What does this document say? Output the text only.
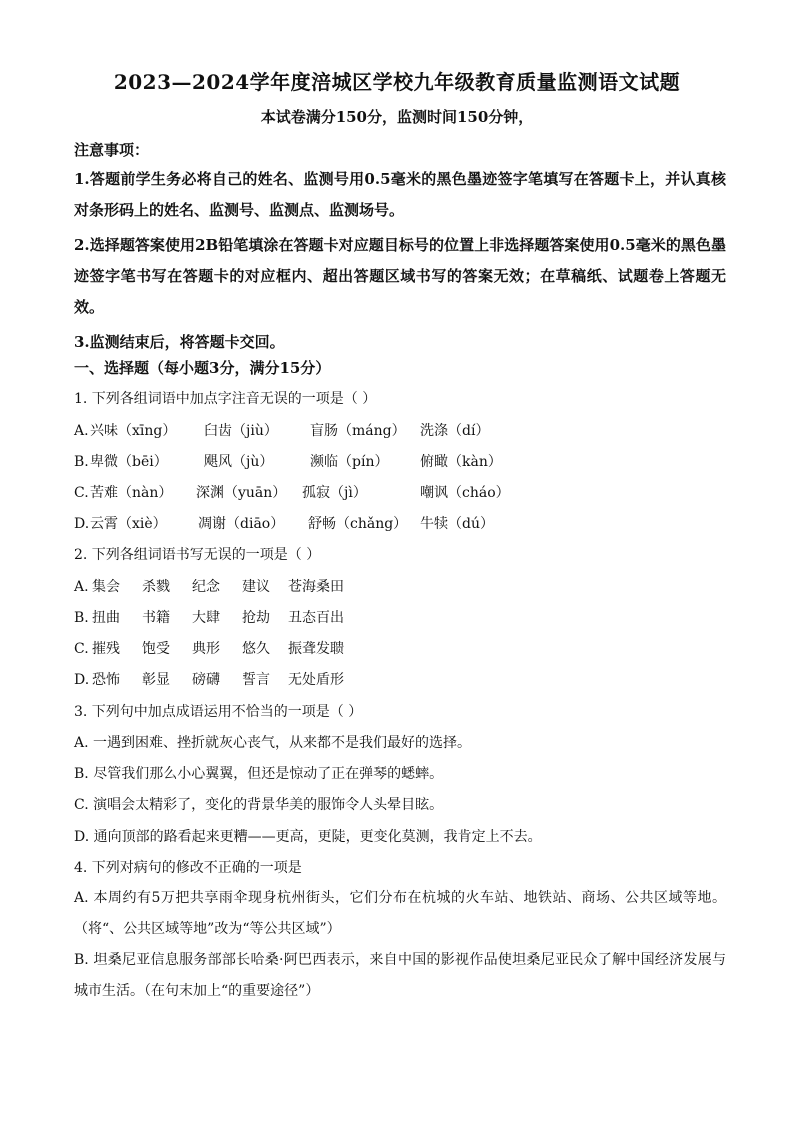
2023—2024学年度涪城区学校九年级教育质量监测语文试题
本试卷满分150分，监测时间150分钟，
注意事项：
1.答题前学生务必将自己的姓名、监测号用0.5毫米的黑色墨迹签字笔填写在答题卡上，并认真核对条形码上的姓名、监测号、监测点、监测场号。
2.选择题答案使用2B铅笔填涂在答题卡对应题目标号的位置上非选择题答案使用0.5毫米的黑色墨迹签字笔书写在答题卡的对应框内、超出答题区域书写的答案无效；在草稿纸、试题卷上答题无效。
3.监测结束后，将答题卡交回。
一、选择题（每小题3分，满分15分）
1. 下列各组词语中加点字注音无误的一项是（ ）
A. 兴味（xīng） 臼齿（jiù） 盲肠（máng） 洗涤（dí）
B. 卑微（bēi）	飓风（jù）	濒临（pín） 俯瞰（kàn）
C. 苦难（nàn） 深渊（yuān） 孤寂（jì）	嘲讽（cháo）
D. 云霄（xiè） 凋谢（diāo） 舒畅（chǎng） 牛犊（dú）
2. 下列各组词语书写无误的一项是（ ）
A. 集会 杀戮 纪念 建议 苍海桑田
B. 扭曲 书籍 大肆 抢劫 丑态百出
C. 摧残 饱受 典形 悠久 振聋发聩
D. 恐怖 彰显 磅礴 誓言 无处盾形
3. 下列句中加点成语运用不恰当的一项是（ ）
A. 一遇到困难、挫折就灰心丧气，从来都不是我们最好的选择。
B. 尽管我们那么小心翼翼，但还是惊动了正在弹琴的蟋蟀。
C. 演唱会太精彩了，变化的背景华美的服饰令人头晕目眩。
D. 通向顶部的路看起来更糟——更高，更陡，更变化莫测，我肯定上不去。
4. 下列对病句的修改不正确的一项是
A. 本周约有5万把共享雨伞现身杭州街头，它们分布在杭城的火车站、地铁站、商场、公共区域等地。（将“、公共区域等地”改为“等公共区域”）
B. 坦桑尼亚信息服务部部长哈桑·阿巴西表示，来自中国的影视作品使坦桑尼亚民众了解中国经济发展与城市生活。（在句末加上“的重要途径”）
